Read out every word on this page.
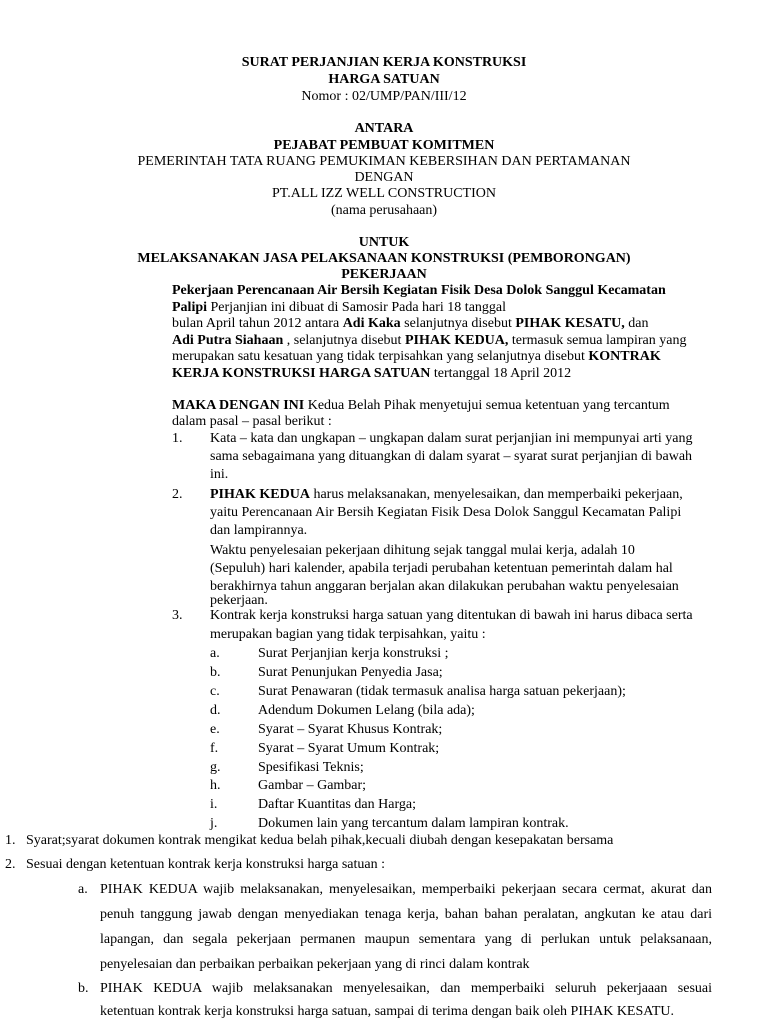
SURAT PERJANJIAN KERJA KONSTRUKSI
HARGA SATUAN
Nomor : 02/UMP/PAN/III/12
ANTARA
PEJABAT PEMBUAT KOMITMEN
PEMERINTAH TATA RUANG PEMUKIMAN KEBERSIHAN DAN PERTAMANAN
DENGAN
PT.ALL IZZ WELL CONSTRUCTION
(nama perusahaan)
UNTUK
MELAKSANAKAN JASA PELAKSANAAN KONSTRUKSI (PEMBORONGAN)
PEKERJAAN
Pekerjaan Perencanaan Air Bersih Kegiatan Fisik Desa Dolok Sanggul Kecamatan
Palipi Perjanjian ini dibuat di Samosir Pada hari 18 tanggal
bulan April tahun 2012 antara Adi Kaka selanjutnya disebut PIHAK KESATU, dan
Adi Putra Siahaan , selanjutnya disebut PIHAK KEDUA, termasuk semua lampiran yang
merupakan satu kesatuan yang tidak terpisahkan yang selanjutnya disebut KONTRAK
KERJA KONSTRUKSI HARGA SATUAN tertanggal 18 April 2012
MAKA DENGAN INI Kedua Belah Pihak menyetujui semua ketentuan yang tercantum
dalam pasal – pasal berikut :
1. Kata – kata dan ungkapan – ungkapan dalam surat perjanjian ini mempunyai arti yang
sama sebagaimana yang dituangkan di dalam syarat – syarat surat perjanjian di bawah
ini.
2. PIHAK KEDUA harus melaksanakan, menyelesaikan, dan memperbaiki pekerjaan,
yaitu Perencanaan Air Bersih Kegiatan Fisik Desa Dolok Sanggul Kecamatan Palipi
dan lampirannya.
Waktu penyelesaian pekerjaan dihitung sejak tanggal mulai kerja, adalah 10
(Sepuluh) hari kalender, apabila terjadi perubahan ketentuan pemerintah dalam hal
berakhirnya tahun anggaran berjalan akan dilakukan perubahan waktu penyelesaian
pekerjaan.
3. Kontrak kerja konstruksi harga satuan yang ditentukan di bawah ini harus dibaca serta
merupakan bagian yang tidak terpisahkan, yaitu :
a.	Surat Perjanjian kerja konstruksi ;
b.	Surat Penunjukan Penyedia Jasa;
c.	Surat Penawaran (tidak termasuk analisa harga satuan pekerjaan);
d.	Adendum Dokumen Lelang (bila ada);
e.	Syarat – Syarat Khusus Kontrak;
f.	Syarat – Syarat Umum Kontrak;
g.	Spesifikasi Teknis;
h.	Gambar – Gambar;
i.	Daftar Kuantitas dan Harga;
j.	Dokumen lain yang tercantum dalam lampiran kontrak.
1. Syarat;syarat dokumen kontrak mengikat kedua belah pihak,kecuali diubah dengan kesepakatan bersama
2. Sesuai dengan ketentuan kontrak kerja konstruksi harga satuan :
a. PIHAK KEDUA wajib melaksanakan, menyelesaikan, memperbaiki pekerjaan secara cermat, akurat dan
penuh tanggung jawab dengan menyediakan tenaga kerja, bahan bahan peralatan, angkutan ke atau dari
lapangan, dan segala pekerjaan permanen maupun sementara yang di perlukan untuk pelaksanaan,
penyelesaian dan perbaikan perbaikan pekerjaan yang di rinci dalam kontrak
b. PIHAK KEDUA wajib melaksanakan menyelesaikan, dan memperbaiki seluruh pekerjaaan sesuai
ketentuan kontrak kerja konstruksi harga satuan, sampai di terima dengan baik oleh PIHAK KESATU.
